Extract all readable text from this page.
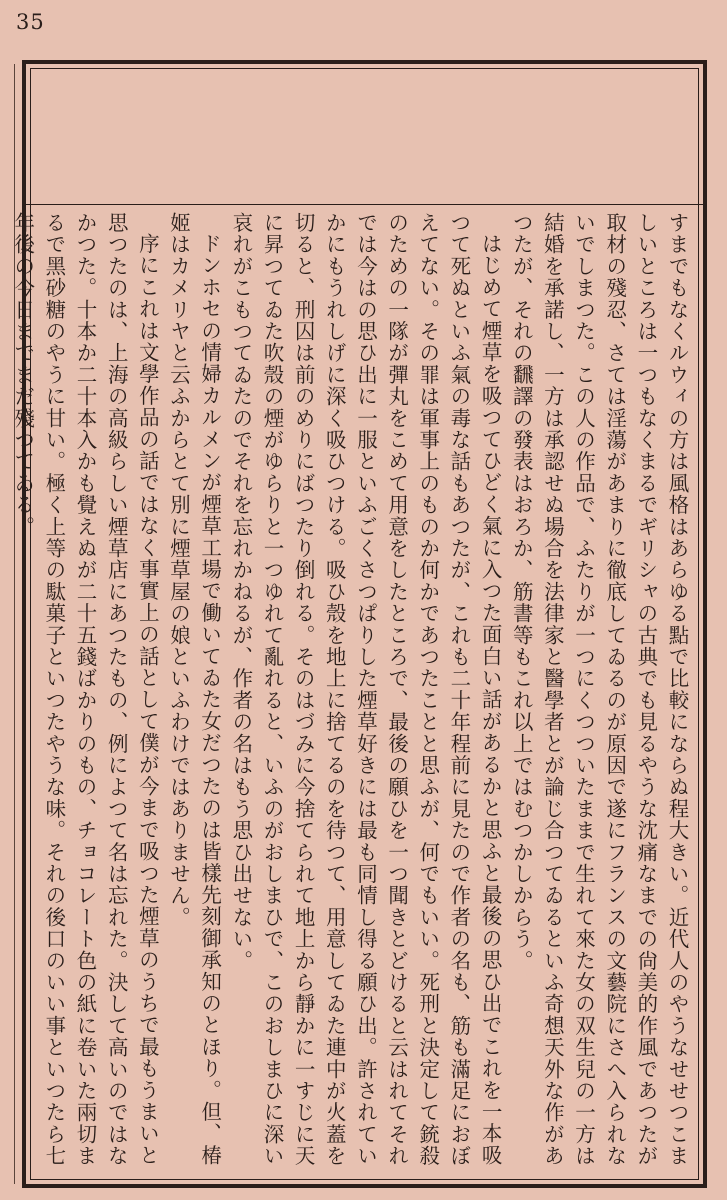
35

すまでもなくルウィの方は風格はあらゆる點で比較にならぬ程大きい。近代人のやうなせせつこましいところは一つもなくまるでギリシャの古典でも見るやうな沈痛なまでの尙美的作風であつたが取材の殘忍、さては淫蕩があまりに徹底してゐるのが原因で遂にフランスの文藝院にさへ入られないでしまつた。この人の作品で、ふたりが一つにくつついたままで生れて來た女の双生兒の一方は結婚を承諾し、一方は承認せぬ場合を法律家と醫學者とが論じ合つてゐるといふ奇想天外な作があつたが、それの飜譯の發表はおろか、筋書等もこれ以上ではむつかしからう。

はじめて煙草を吸つてひどく氣に入つた面白い話があるかと思ふと最後の思ひ出でこれを一本吸つて死ぬといふ氣の毒な話もあつたが、これも二十年程前に見たので作者の名も、筋も滿足におぼえてない。その罪は軍事上のものか何かであつたことと思ふが、何でもいい。死刑と決定して銃殺のための一隊が彈丸をこめて用意をしたところで、最後の願ひを一つ聞きとどけると云はれてそれでは今はの思ひ出に一服といふごくさつぱりした煙草好きには最も同情し得る願ひ出。許されていかにもうれしげに深く吸ひつける。吸ひ殼を地上に捨てるのを待つて、用意してゐた連中が火蓋を切ると、刑囚は前のめりにばつたり倒れる。そのはづみに今捨てられて地上から靜かに一すじに天に昇つてゐた吹殼の煙がゆらりと一つゆれて亂れると、いふのがおしまひで、このおしまひに深い哀れがこもつてゐたのでそれを忘れかねるが、作者の名はもう思ひ出せない。

ドンホセの情婦カルメンが煙草工場で働いてゐた女だつたのは皆樣先刻御承知のとほり。但、椿姬はカメリヤと云ふからとて別に煙草屋の娘といふわけではありません。

序にこれは文學作品の話ではなく事實上の話として僕が今まで吸つた煙草のうちで最もうまいと思つたのは、上海の高級らしい煙草店にあつたもの、例によつて名は忘れた。決して高いのではなかつた。十本か二十本入かも覺えぬが二十五錢ばかりのもの、チョコレート色の紙に卷いた兩切まるで黑砂糖のやうに甘い。極く上等の駄菓子といつたやうな味。それの後口のいい事といつたら七年後の今日までまだ殘つてゐる。
